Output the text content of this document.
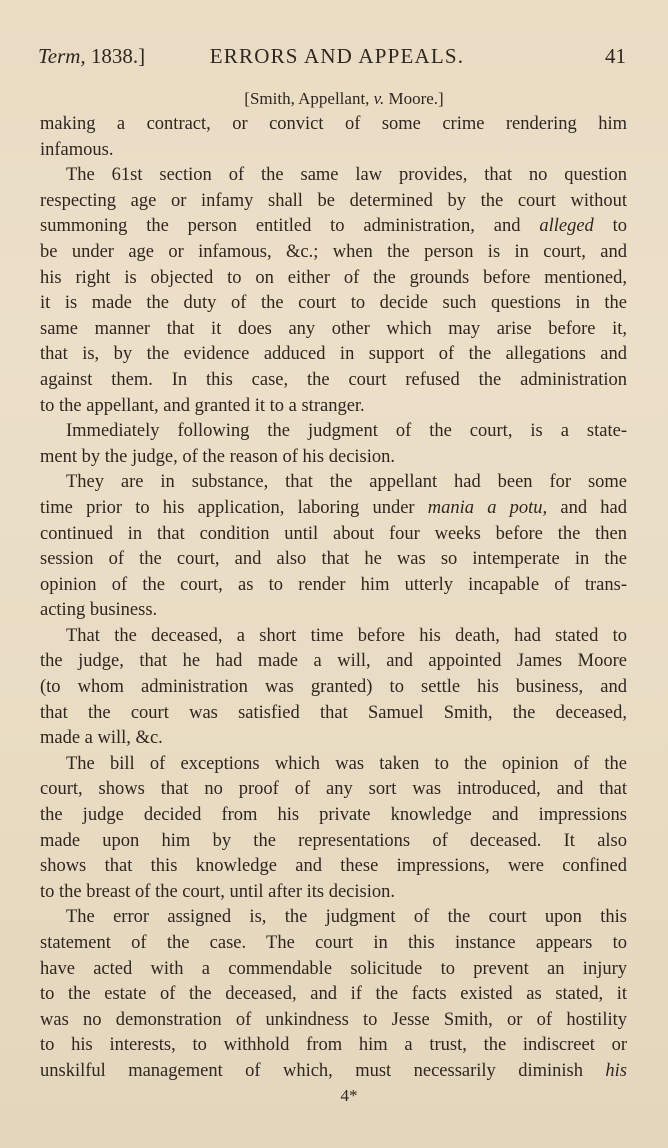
Term, 1838.]	ERRORS AND APPEALS.	41
[Smith, Appellant, v. Moore.]
making a contract, or convict of some crime rendering him
infamous.
The 61st section of the same law provides, that no question
respecting age or infamy shall be determined by the court without
summoning the person entitled to administration, and alleged to
be under age or infamous, &c.; when the person is in court, and
his right is objected to on either of the grounds before mentioned,
it is made the duty of the court to decide such questions in the
same manner that it does any other which may arise before it,
that is, by the evidence adduced in support of the allegations and
against them. In this case, the court refused the administration
to the appellant, and granted it to a stranger.
Immediately following the judgment of the court, is a state-
ment by the judge, of the reason of his decision.
They are in substance, that the appellant had been for some
time prior to his application, laboring under mania a potu, and had
continued in that condition until about four weeks before the then
session of the court, and also that he was so intemperate in the
opinion of the court, as to render him utterly incapable of trans-
acting business.
That the deceased, a short time before his death, had stated to
the judge, that he had made a will, and appointed James Moore
(to whom administration was granted) to settle his business, and
that the court was satisfied that Samuel Smith, the deceased,
made a will, &c.
The bill of exceptions which was taken to the opinion of the
court, shows that no proof of any sort was introduced, and that
the judge decided from his private knowledge and impressions
made upon him by the representations of deceased. It also
shows that this knowledge and these impressions, were confined
to the breast of the court, until after its decision.
The error assigned is, the judgment of the court upon this
statement of the case. The court in this instance appears to
have acted with a commendable solicitude to prevent an injury
to the estate of the deceased, and if the facts existed as stated, it
was no demonstration of unkindness to Jesse Smith, or of hostility
to his interests, to withhold from him a trust, the indiscreet or
unskilful management of which, must necessarily diminish his
4*
